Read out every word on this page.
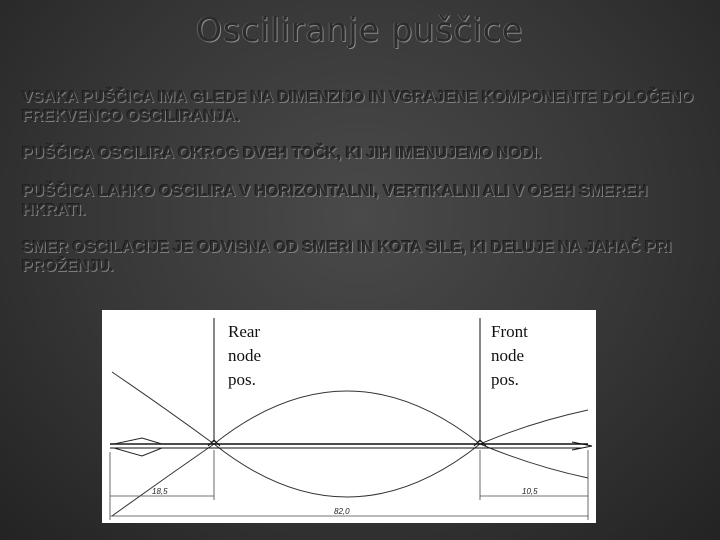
Osciliranje puščice

VSAKA PUŠČICA IMA GLEDE NA DIMENZIJO IN VGRAJENE KOMPONENTE DOLOČENO FREKVENCO OSCILIRANJA.

PUŠČICA OSCILIRA OKROG DVEH TOČK, KI JIH IMENUJEMO NODI.

PUŠČICA LAHKO OSCILIRA V HORIZONTALNI, VERTIKALNI ALI V OBEH SMEREH HKRATI.

SMER OSCILACIJE JE ODVISNA OD SMERI IN KOTA SILE, KI DELUJE NA JAHAČ PRI PROŽENJU.

Rear
node
pos.
Front
node
pos.
18,5
82,0
10,5
